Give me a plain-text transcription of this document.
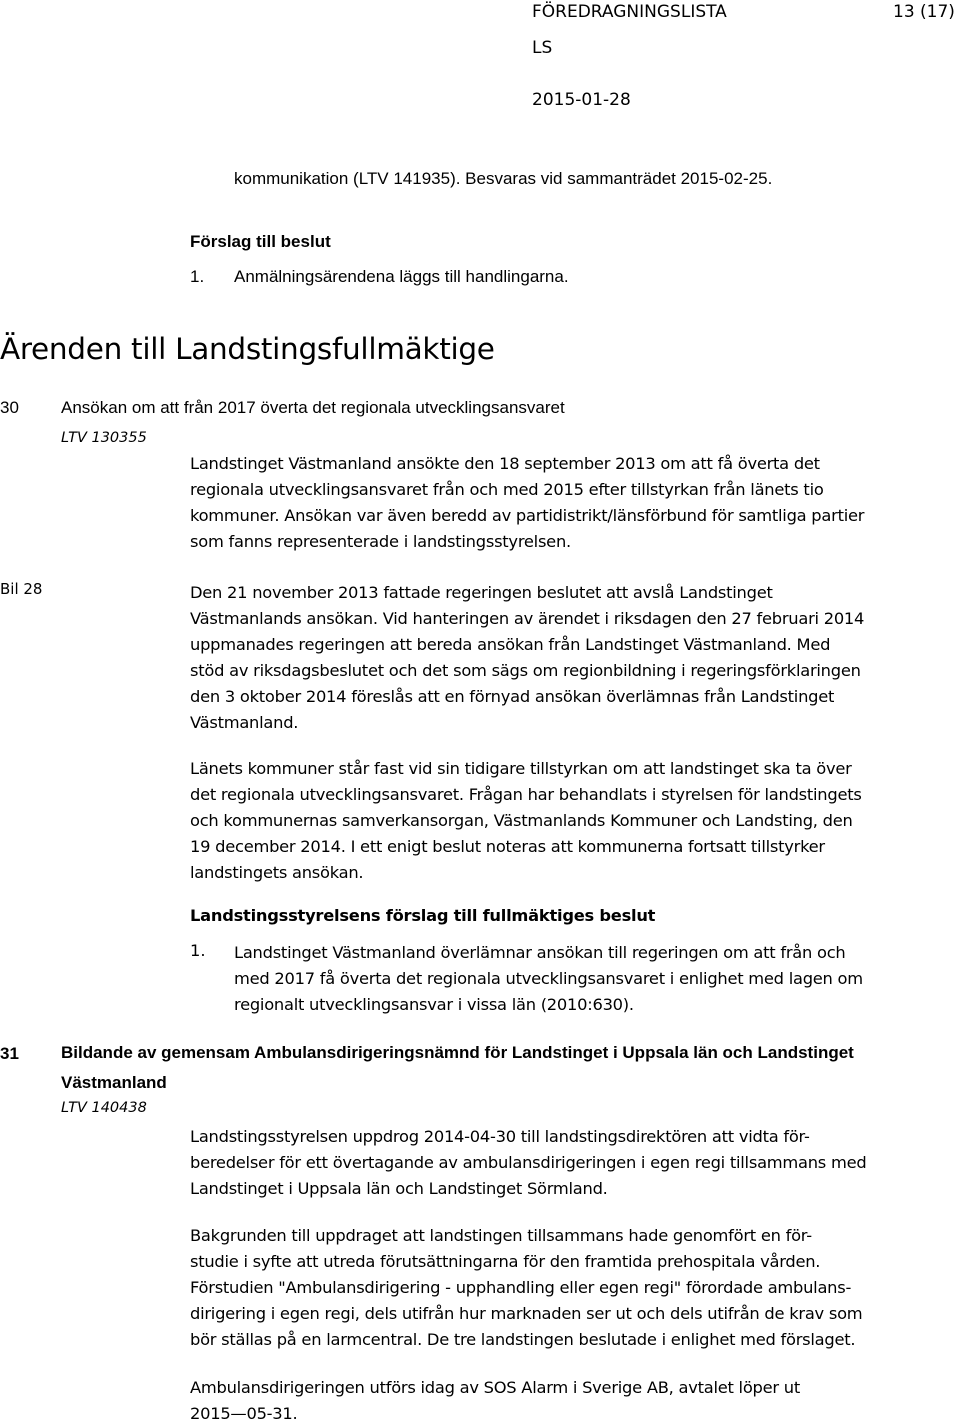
FÖREDRAGNINGSLISTA	13 (17)
LS
2015-01-28
kommunikation (LTV 141935). Besvaras vid sammanträdet 2015-02-25.
Förslag till beslut
1. Anmälningsärendena läggs till handlingarna.
Ärenden till Landstingsfullmäktige
30 Ansökan om att från 2017 överta det regionala utvecklingsansvaret
LTV 130355
Landstinget Västmanland ansökte den 18 september 2013 om att få överta det
regionala utvecklingsansvaret från och med 2015 efter tillstyrkan från länets tio
kommuner. Ansökan var även beredd av partidistrikt/länsförbund för samtliga partier
som fanns representerade i landstingsstyrelsen.
Bil 28	Den 21 november 2013 fattade regeringen beslutet att avslå Landstinget
Västmanlands ansökan. Vid hanteringen av ärendet i riksdagen den 27 februari 2014
uppmanades regeringen att bereda ansökan från Landstinget Västmanland. Med
stöd av riksdagsbeslutet och det som sägs om regionbildning i regeringsförklaringen
den 3 oktober 2014 föreslås att en förnyad ansökan överlämnas från Landstinget
Västmanland.
Länets kommuner står fast vid sin tidigare tillstyrkan om att landstinget ska ta över
det regionala utvecklingsansvaret. Frågan har behandlats i styrelsen för landstingets
och kommunernas samverkansorgan, Västmanlands Kommuner och Landsting, den
19 december 2014. I ett enigt beslut noteras att kommunerna fortsatt tillstyrker
landstingets ansökan.
Landstingsstyrelsens förslag till fullmäktiges beslut
1. Landstinget Västmanland överlämnar ansökan till regeringen om att från och
med 2017 få överta det regionala utvecklingsansvaret i enlighet med lagen om
regionalt utvecklingsansvar i vissa län (2010:630).
31 Bildande av gemensam Ambulansdirigeringsnämnd för Landstinget i Uppsala län och Landstinget
Västmanland
LTV 140438
Landstingsstyrelsen uppdrog 2014-04-30 till landstingsdirektören att vidta för-
beredelser för ett övertagande av ambulansdirigeringen i egen regi tillsammans med
Landstinget i Uppsala län och Landstinget Sörmland.
Bakgrunden till uppdraget att landstingen tillsammans hade genomfört en för-
studie i syfte att utreda förutsättningarna för den framtida prehospitala vården.
Förstudien "Ambulansdirigering - upphandling eller egen regi" förordade ambulans-
dirigering i egen regi, dels utifrån hur marknaden ser ut och dels utifrån de krav som
bör ställas på en larmcentral. De tre landstingen beslutade i enlighet med förslaget.
Ambulansdirigeringen utförs idag av SOS Alarm i Sverige AB, avtalet löper ut
2015—05-31.
